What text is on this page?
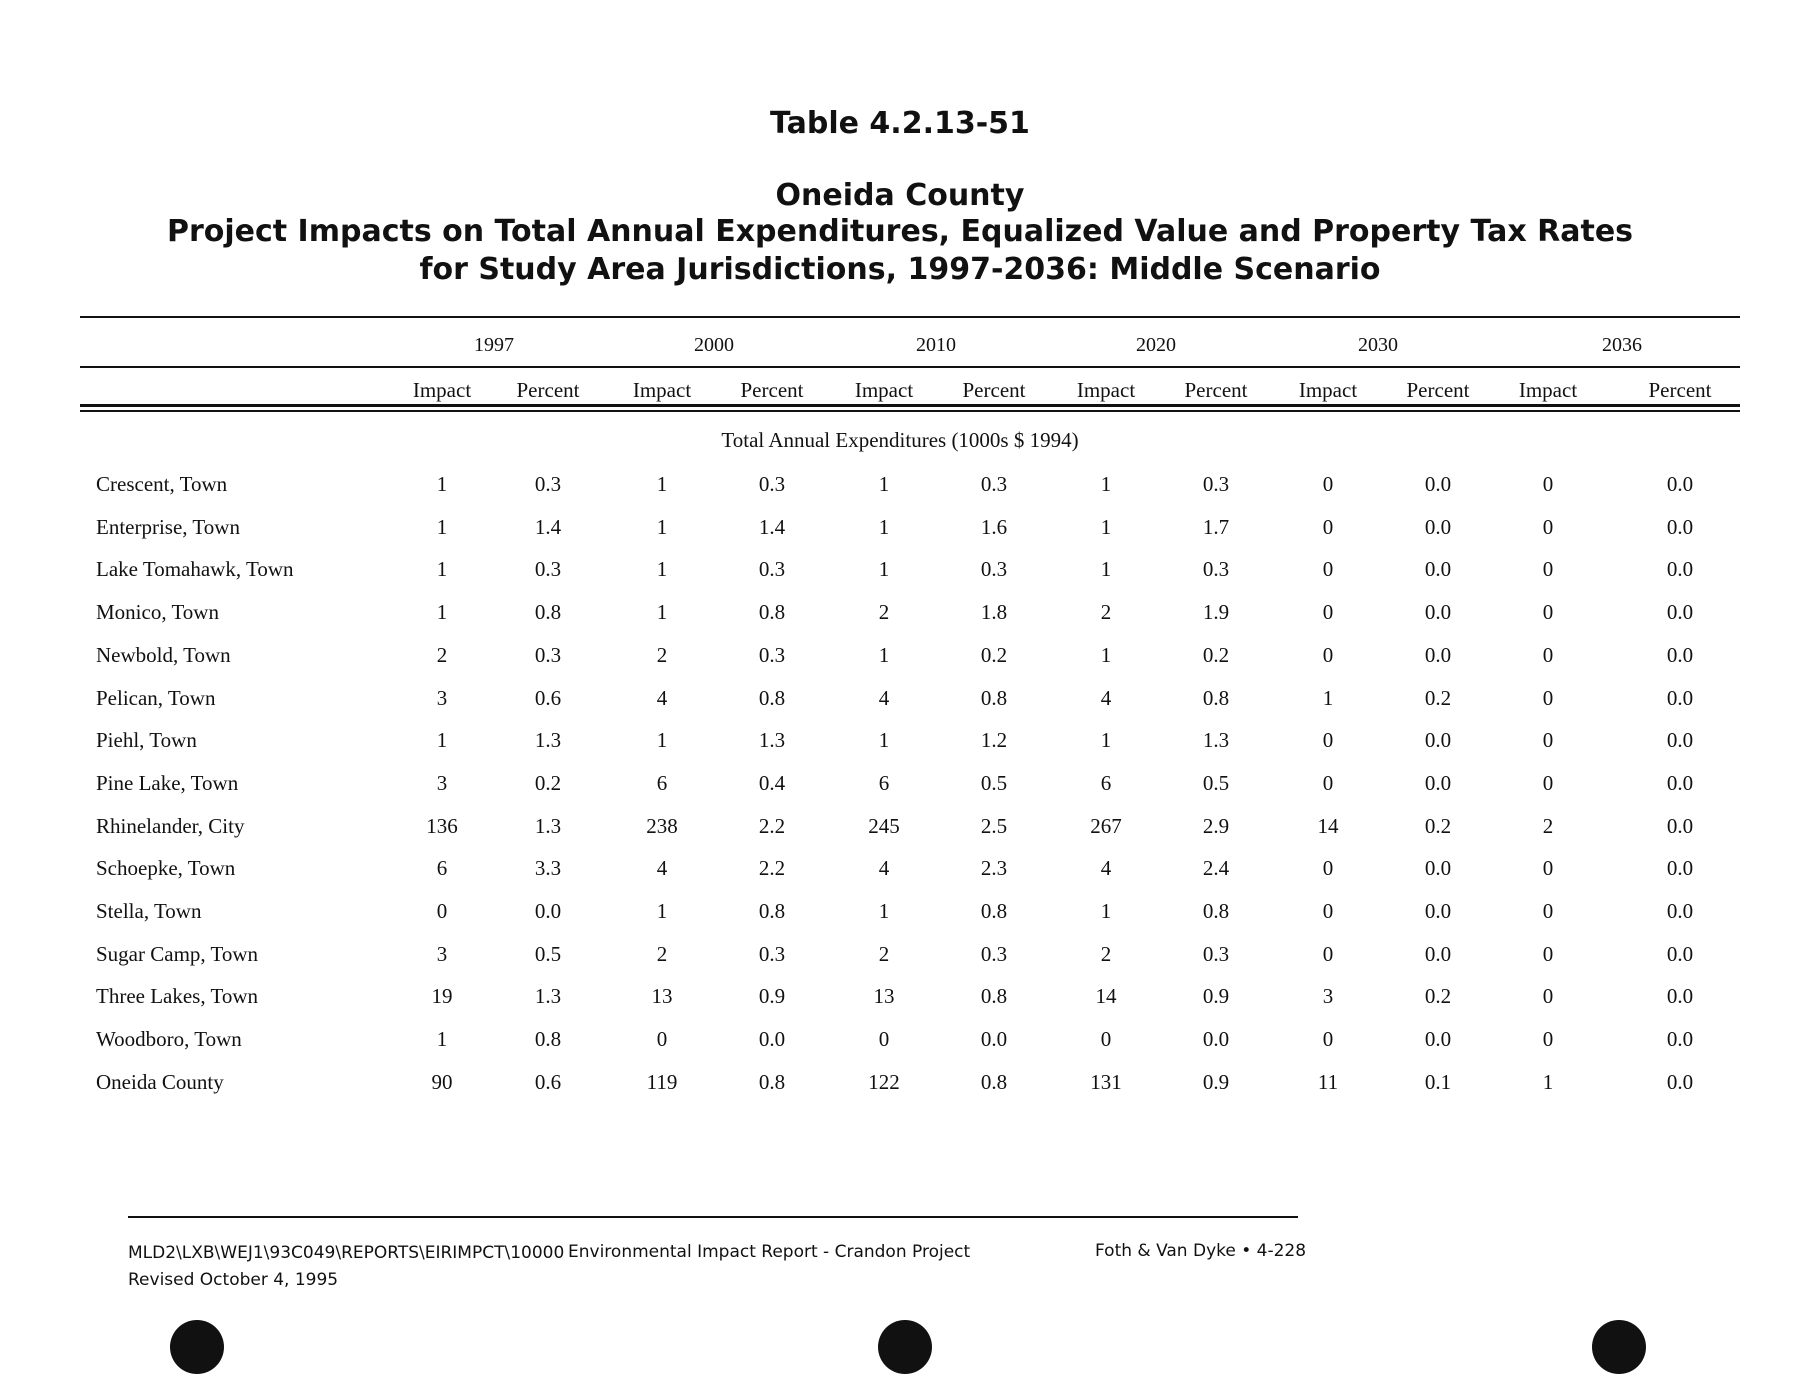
Table 4.2.13-51
Oneida County
Project Impacts on Total Annual Expenditures, Equalized Value and Property Tax Rates
for Study Area Jurisdictions, 1997-2036: Middle Scenario
1997	2000	2010	2020	2030	2036
Impact	Percent	Impact	Percent	Impact	Percent	Impact	Percent	Impact	Percent	Impact	Percent
Total Annual Expenditures (1000s $ 1994)
Crescent, Town	1	0.3	1	0.3	1	0.3	1	0.3	0	0.0	0	0.0
Enterprise, Town	1	1.4	1	1.4	1	1.6	1	1.7	0	0.0	0	0.0
Lake Tomahawk, Town	1	0.3	1	0.3	1	0.3	1	0.3	0	0.0	0	0.0
Monico, Town	1	0.8	1	0.8	2	1.8	2	1.9	0	0.0	0	0.0
Newbold, Town	2	0.3	2	0.3	1	0.2	1	0.2	0	0.0	0	0.0
Pelican, Town	3	0.6	4	0.8	4	0.8	4	0.8	1	0.2	0	0.0
Piehl, Town	1	1.3	1	1.3	1	1.2	1	1.3	0	0.0	0	0.0
Pine Lake, Town	3	0.2	6	0.4	6	0.5	6	0.5	0	0.0	0	0.0
Rhinelander, City	136	1.3	238	2.2	245	2.5	267	2.9	14	0.2	2	0.0
Schoepke, Town	6	3.3	4	2.2	4	2.3	4	2.4	0	0.0	0	0.0
Stella, Town	0	0.0	1	0.8	1	0.8	1	0.8	0	0.0	0	0.0
Sugar Camp, Town	3	0.5	2	0.3	2	0.3	2	0.3	0	0.0	0	0.0
Three Lakes, Town	19	1.3	13	0.9	13	0.8	14	0.9	3	0.2	0	0.0
Woodboro, Town	1	0.8	0	0.0	0	0.0	0	0.0	0	0.0	0	0.0
Oneida County	90	0.6	119	0.8	122	0.8	131	0.9	11	0.1	1	0.0
MLD2\LXB\WEJ1\93C049\REPORTS\EIRIMPCT\10000 Environmental Impact Report - Crandon Project
Revised October 4, 1995
Foth & Van Dyke • 4-228
